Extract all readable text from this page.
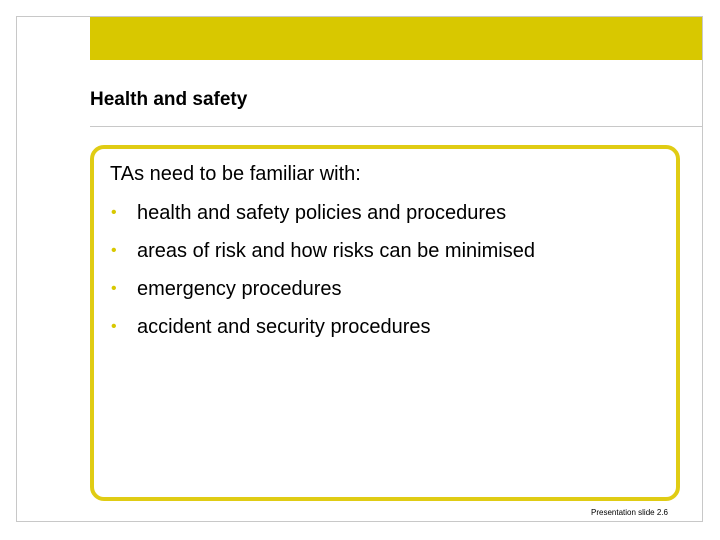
Health and safety

TAs need to be familiar with:

• health and safety policies and procedures
• areas of risk and how risks can be minimised
• emergency procedures
• accident and security procedures

Presentation slide 2.6
